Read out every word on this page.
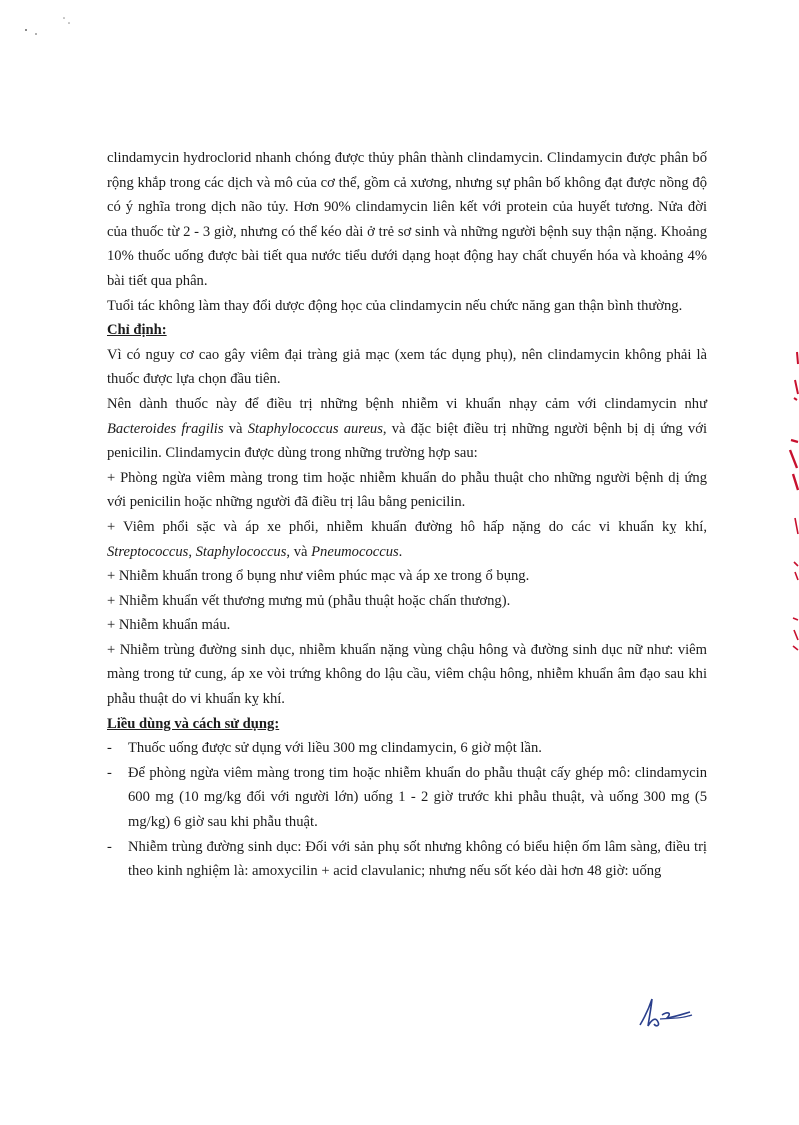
clindamycin hydroclorid nhanh chóng được thủy phân thành clindamycin. Clindamycin được phân bố rộng khắp trong các dịch và mô của cơ thể, gồm cả xương, nhưng sự phân bố không đạt được nồng độ có ý nghĩa trong dịch não tủy. Hơn 90% clindamycin liên kết với protein của huyết tương. Nửa đời của thuốc từ 2 - 3 giờ, nhưng có thể kéo dài ở trẻ sơ sinh và những người bệnh suy thận nặng. Khoảng 10% thuốc uống được bài tiết qua nước tiểu dưới dạng hoạt động hay chất chuyển hóa và khoảng 4% bài tiết qua phân.

Tuổi tác không làm thay đổi dược động học của clindamycin nếu chức năng gan thận bình thường.

Chỉ định:

Vì có nguy cơ cao gây viêm đại tràng giả mạc (xem tác dụng phụ), nên clindamycin không phải là thuốc được lựa chọn đầu tiên.

Nên dành thuốc này để điều trị những bệnh nhiễm vi khuẩn nhạy cảm với clindamycin như Bacteroides fragilis và Staphylococcus aureus, và đặc biệt điều trị những người bệnh bị dị ứng với penicilin. Clindamycin được dùng trong những trường hợp sau:

+ Phòng ngừa viêm màng trong tim hoặc nhiễm khuẩn do phẫu thuật cho những người bệnh dị ứng với penicilin hoặc những người đã điều trị lâu bằng penicilin.

+ Viêm phổi sặc và áp xe phổi, nhiễm khuẩn đường hô hấp nặng do các vi khuẩn kỵ khí, Streptococcus, Staphylococcus, và Pneumococcus.

+ Nhiễm khuẩn trong ổ bụng như viêm phúc mạc và áp xe trong ổ bụng.

+ Nhiễm khuẩn vết thương mưng mủ (phẫu thuật hoặc chấn thương).

+ Nhiễm khuẩn máu.

+ Nhiễm trùng đường sinh dục, nhiễm khuẩn nặng vùng chậu hông và đường sinh dục nữ như: viêm màng trong tử cung, áp xe vòi trứng không do lậu cầu, viêm chậu hông, nhiễm khuẩn âm đạo sau khi phẫu thuật do vi khuẩn kỵ khí.

Liều dùng và cách sử dụng:

- Thuốc uống được sử dụng với liều 300 mg clindamycin, 6 giờ một lần.

- Để phòng ngừa viêm màng trong tim hoặc nhiễm khuẩn do phẫu thuật cấy ghép mô: clindamycin 600 mg (10 mg/kg đối với người lớn) uống 1 - 2 giờ trước khi phẫu thuật, và uống 300 mg (5 mg/kg) 6 giờ sau khi phẫu thuật.

- Nhiễm trùng đường sinh dục: Đối với sản phụ sốt nhưng không có biểu hiện ốm lâm sàng, điều trị theo kinh nghiệm là: amoxycilin + acid clavulanic; nhưng nếu sốt kéo dài hơn 48 giờ: uống
